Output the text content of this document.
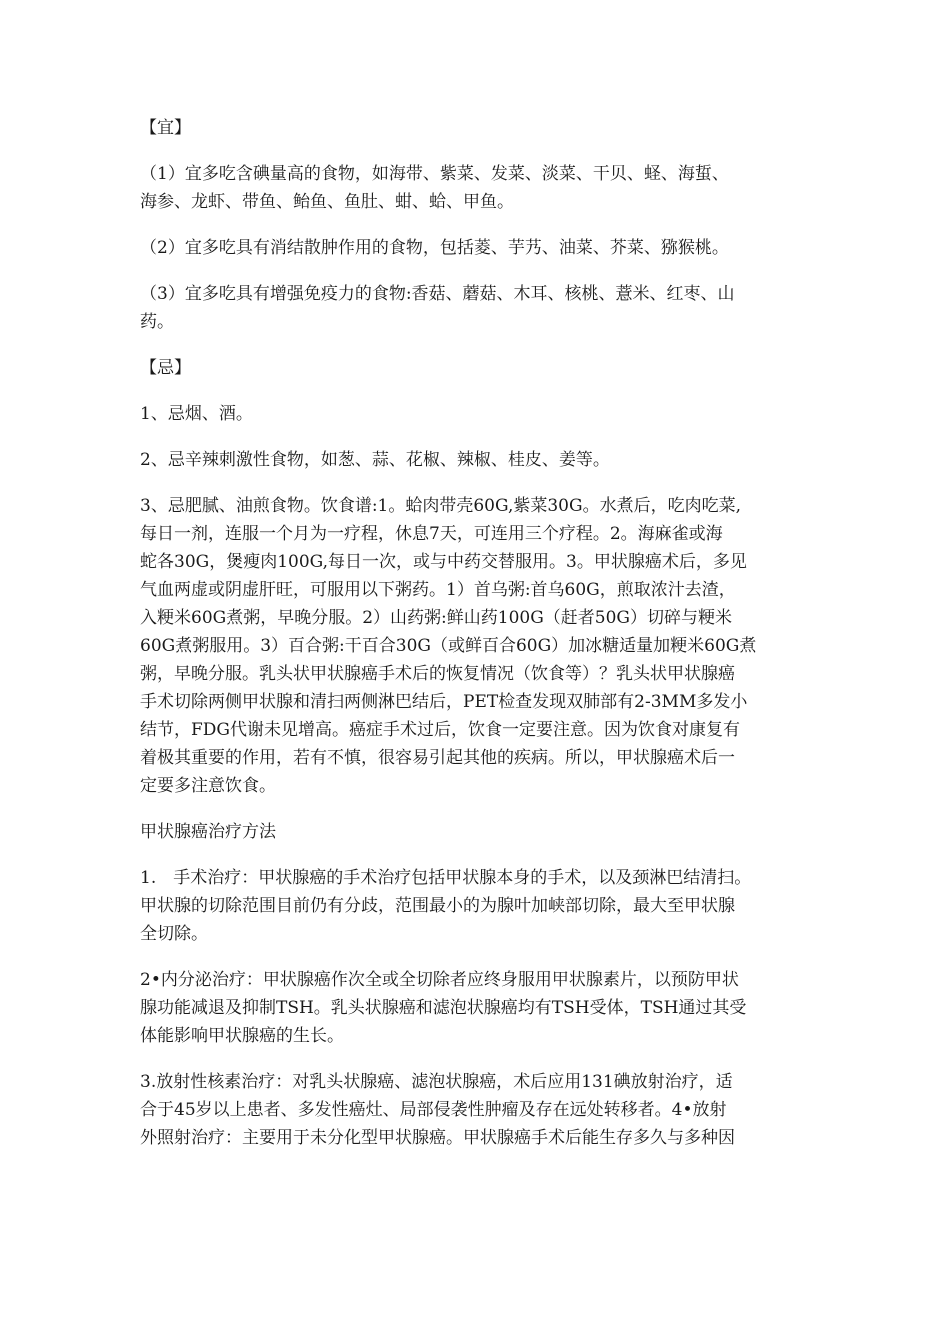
【宜】

（1）宜多吃含碘量高的食物，如海带、紫菜、发菜、淡菜、干贝、蛏、海蜇、
海参、龙虾、带鱼、鲐鱼、鱼肚、蚶、蛤、甲鱼。

（2）宜多吃具有消结散肿作用的食物，包括菱、芋艿、油菜、芥菜、猕猴桃。

（3）宜多吃具有增强免疫力的食物:香菇、蘑菇、木耳、核桃、薏米、红枣、山
药。

【忌】

1、忌烟、酒。

2、忌辛辣刺激性食物，如葱、蒜、花椒、辣椒、桂皮、姜等。

3、忌肥腻、油煎食物。饮食谱:1。蛤肉带壳60G,紫菜30G。水煮后，吃肉吃菜,
每日一剂，连服一个月为一疗程，休息7天，可连用三个疗程。2。海麻雀或海
蛇各30G，煲瘦肉100G,每日一次，或与中药交替服用。3。甲状腺癌术后，多见
气血两虚或阴虚肝旺，可服用以下粥药。1）首乌粥:首乌60G，煎取浓汁去渣，
入粳米60G煮粥，早晚分服。2）山药粥:鲜山药100G（赶者50G）切碎与粳米
60G煮粥服用。3）百合粥:干百合30G（或鲜百合60G）加冰糖适量加粳米60G煮
粥，早晚分服。乳头状甲状腺癌手术后的恢复情况（饮食等）？乳头状甲状腺癌
手术切除两侧甲状腺和清扫两侧淋巴结后，PET检查发现双肺部有2-3MM多发小
结节，FDG代谢未见增高。癌症手术过后，饮食一定要注意。因为饮食对康复有
着极其重要的作用，若有不慎，很容易引起其他的疾病。所以，甲状腺癌术后一
定要多注意饮食。

甲状腺癌治疗方法

1.　手术治疗：甲状腺癌的手术治疗包括甲状腺本身的手术，以及颈淋巴结清扫。
甲状腺的切除范围目前仍有分歧，范围最小的为腺叶加峡部切除，最大至甲状腺
全切除。

2•内分泌治疗：甲状腺癌作次全或全切除者应终身服用甲状腺素片，以预防甲状
腺功能减退及抑制TSH。乳头状腺癌和滤泡状腺癌均有TSH受体，TSH通过其受
体能影响甲状腺癌的生长。

3.放射性核素治疗：对乳头状腺癌、滤泡状腺癌，术后应用131碘放射治疗，适
合于45岁以上患者、多发性癌灶、局部侵袭性肿瘤及存在远处转移者。4•放射
外照射治疗：主要用于未分化型甲状腺癌。甲状腺癌手术后能生存多久与多种因
